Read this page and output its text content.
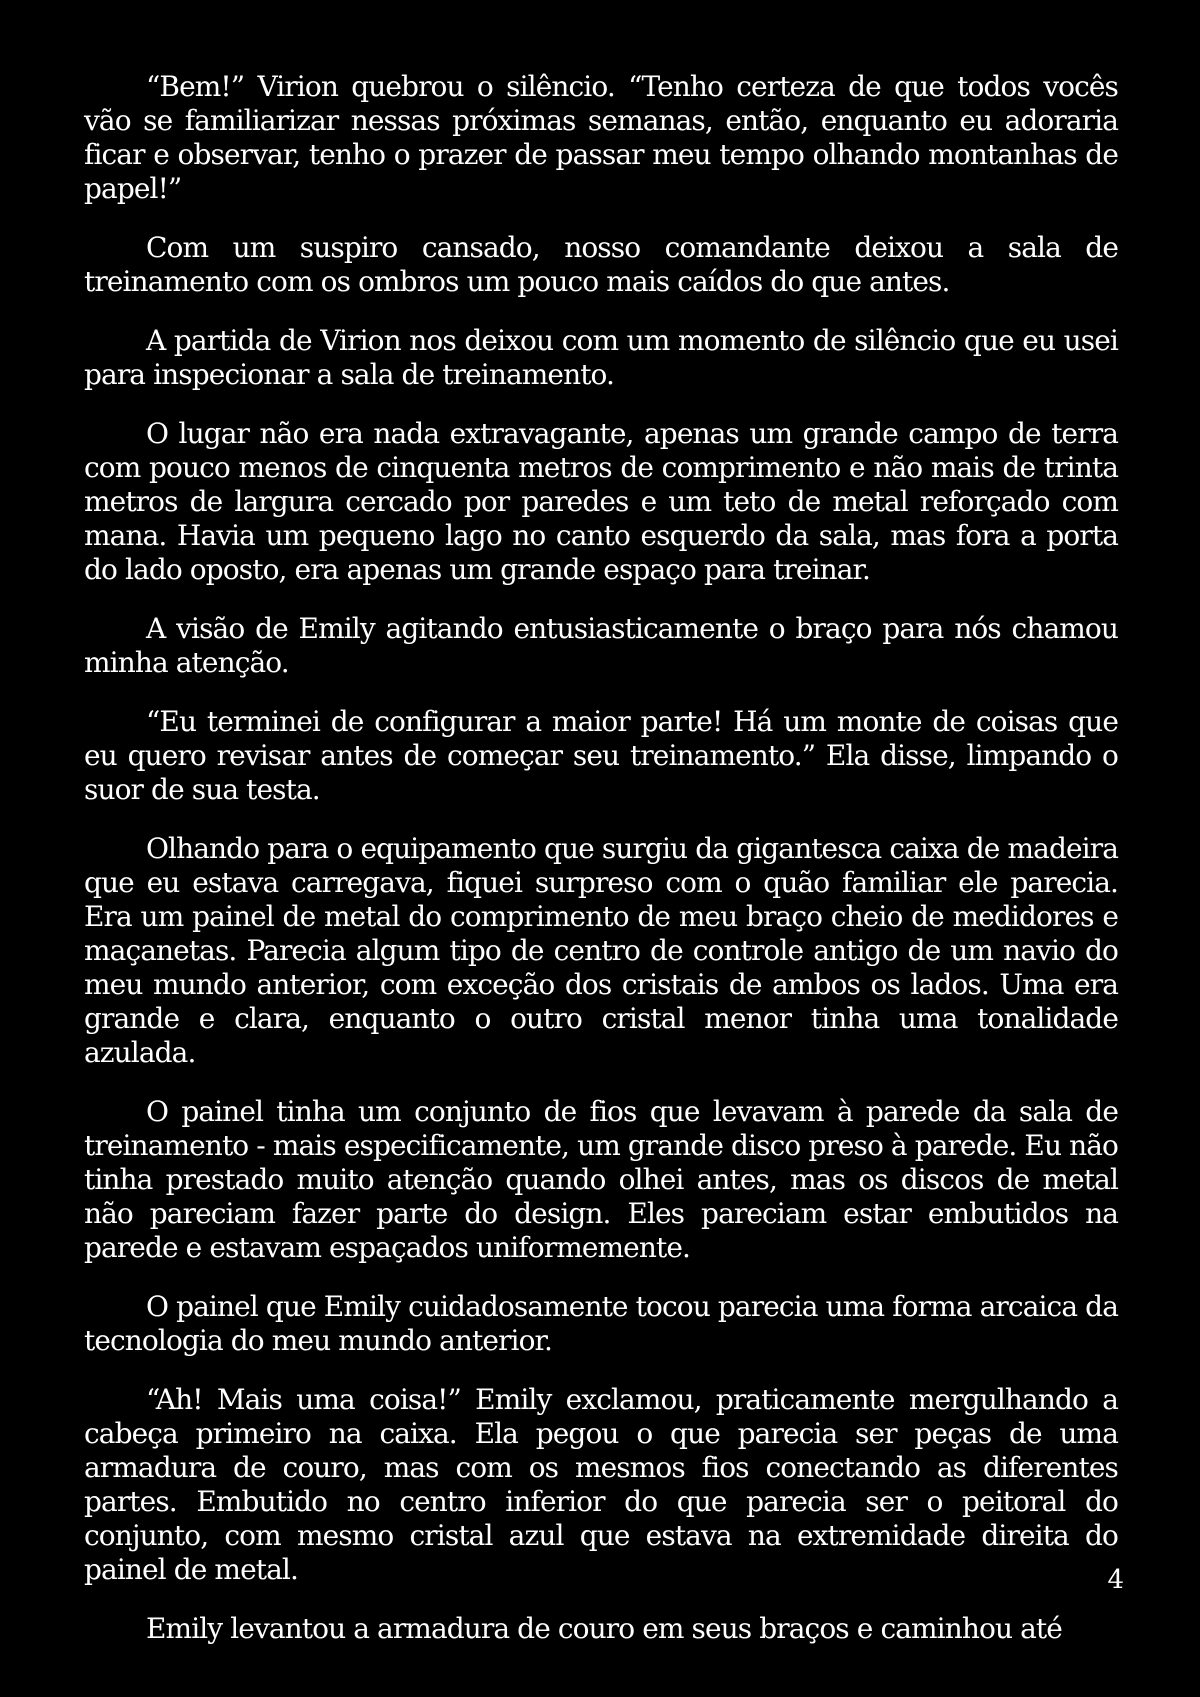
“Bem!” Virion quebrou o silêncio. “Tenho certeza de que todos vocês vão se familiarizar nessas próximas semanas, então, enquanto eu adoraria ficar e observar, tenho o prazer de passar meu tempo olhando montanhas de papel!”

Com um suspiro cansado, nosso comandante deixou a sala de treinamento com os ombros um pouco mais caídos do que antes.

A partida de Virion nos deixou com um momento de silêncio que eu usei para inspecionar a sala de treinamento.

O lugar não era nada extravagante, apenas um grande campo de terra com pouco menos de cinquenta metros de comprimento e não mais de trinta metros de largura cercado por paredes e um teto de metal reforçado com mana. Havia um pequeno lago no canto esquerdo da sala, mas fora a porta do lado oposto, era apenas um grande espaço para treinar.

A visão de Emily agitando entusiasticamente o braço para nós chamou minha atenção.

“Eu terminei de configurar a maior parte! Há um monte de coisas que eu quero revisar antes de começar seu treinamento.” Ela disse, limpando o suor de sua testa.

Olhando para o equipamento que surgiu da gigantesca caixa de madeira que eu estava carregava, fiquei surpreso com o quão familiar ele parecia. Era um painel de metal do comprimento de meu braço cheio de medidores e maçanetas. Parecia algum tipo de centro de controle antigo de um navio do meu mundo anterior, com exceção dos cristais de ambos os lados. Uma era grande e clara, enquanto o outro cristal menor tinha uma tonalidade azulada.

O painel tinha um conjunto de fios que levavam à parede da sala de treinamento - mais especificamente, um grande disco preso à parede. Eu não tinha prestado muito atenção quando olhei antes, mas os discos de metal não pareciam fazer parte do design. Eles pareciam estar embutidos na parede e estavam espaçados uniformemente.

O painel que Emily cuidadosamente tocou parecia uma forma arcaica da tecnologia do meu mundo anterior.

“Ah! Mais uma coisa!” Emily exclamou, praticamente mergulhando a cabeça primeiro na caixa. Ela pegou o que parecia ser peças de uma armadura de couro, mas com os mesmos fios conectando as diferentes partes. Embutido no centro inferior do que parecia ser o peitoral do conjunto, com mesmo cristal azul que estava na extremidade direita do painel de metal.

Emily levantou a armadura de couro em seus braços e caminhou até

4
